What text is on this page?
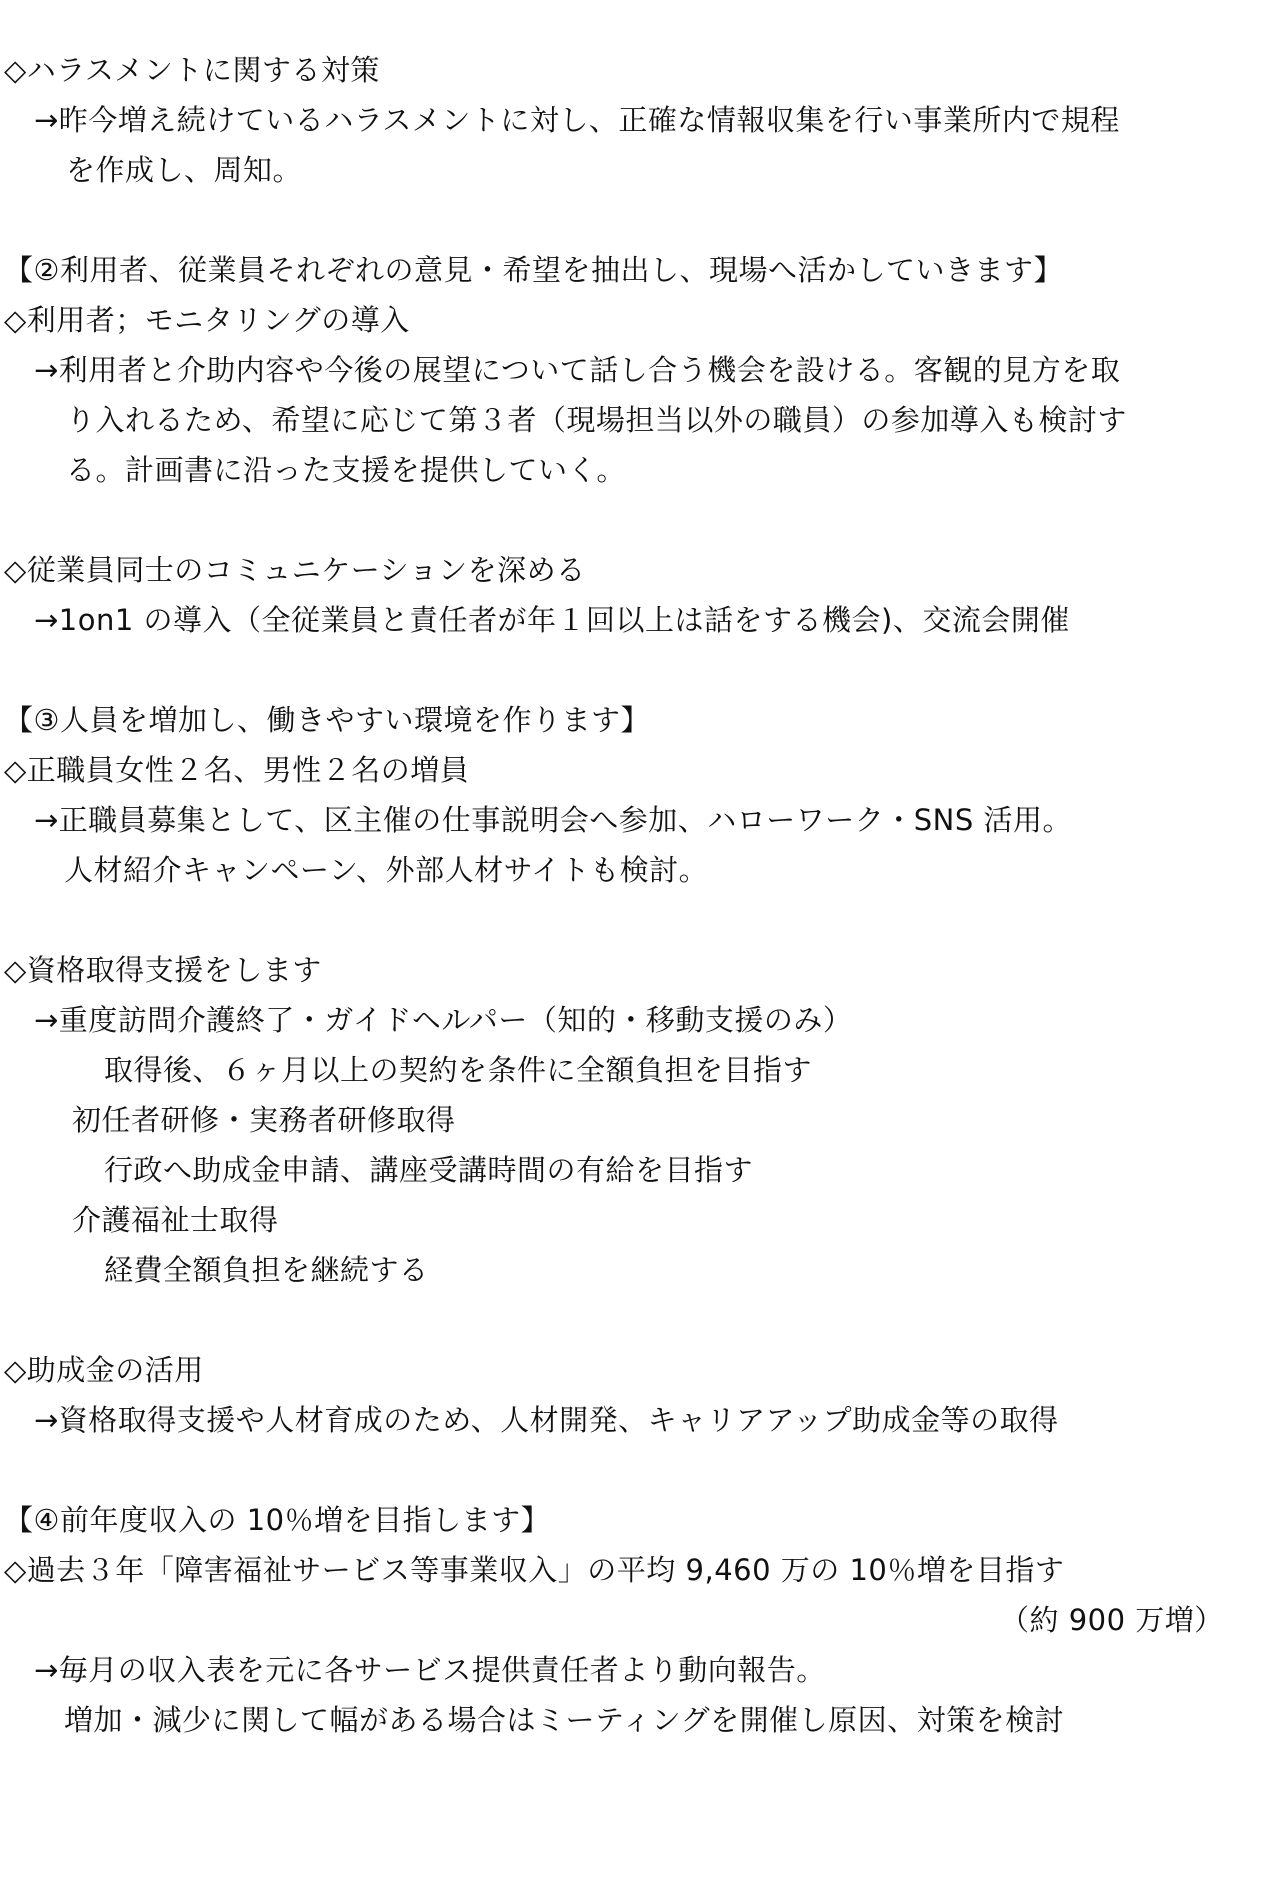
◇ハラスメントに関する対策
→昨今増え続けているハラスメントに対し、正確な情報収集を行い事業所内で規程
を作成し、周知。
【②利用者、従業員それぞれの意見・希望を抽出し、現場へ活かしていきます】
◇利用者；モニタリングの導入
→利用者と介助内容や今後の展望について話し合う機会を設ける。客観的見方を取
り入れるため、希望に応じて第３者（現場担当以外の職員）の参加導入も検討す
る。計画書に沿った支援を提供していく。
◇従業員同士のコミュニケーションを深める
→1on1 の導入（全従業員と責任者が年１回以上は話をする機会)、交流会開催
【③人員を増加し、働きやすい環境を作ります】
◇正職員女性２名、男性２名の増員
→正職員募集として、区主催の仕事説明会へ参加、ハローワーク・SNS 活用。
人材紹介キャンペーン、外部人材サイトも検討。
◇資格取得支援をします
→重度訪問介護終了・ガイドヘルパー（知的・移動支援のみ）
取得後、６ヶ月以上の契約を条件に全額負担を目指す
初任者研修・実務者研修取得
行政へ助成金申請、講座受講時間の有給を目指す
介護福祉士取得
経費全額負担を継続する
◇助成金の活用
→資格取得支援や人材育成のため、人材開発、キャリアアップ助成金等の取得
【④前年度収入の 10％増を目指します】
◇過去３年「障害福祉サービス等事業収入」の平均 9,460 万の 10％増を目指す
（約 900 万増）
→毎月の収入表を元に各サービス提供責任者より動向報告。
増加・減少に関して幅がある場合はミーティングを開催し原因、対策を検討
